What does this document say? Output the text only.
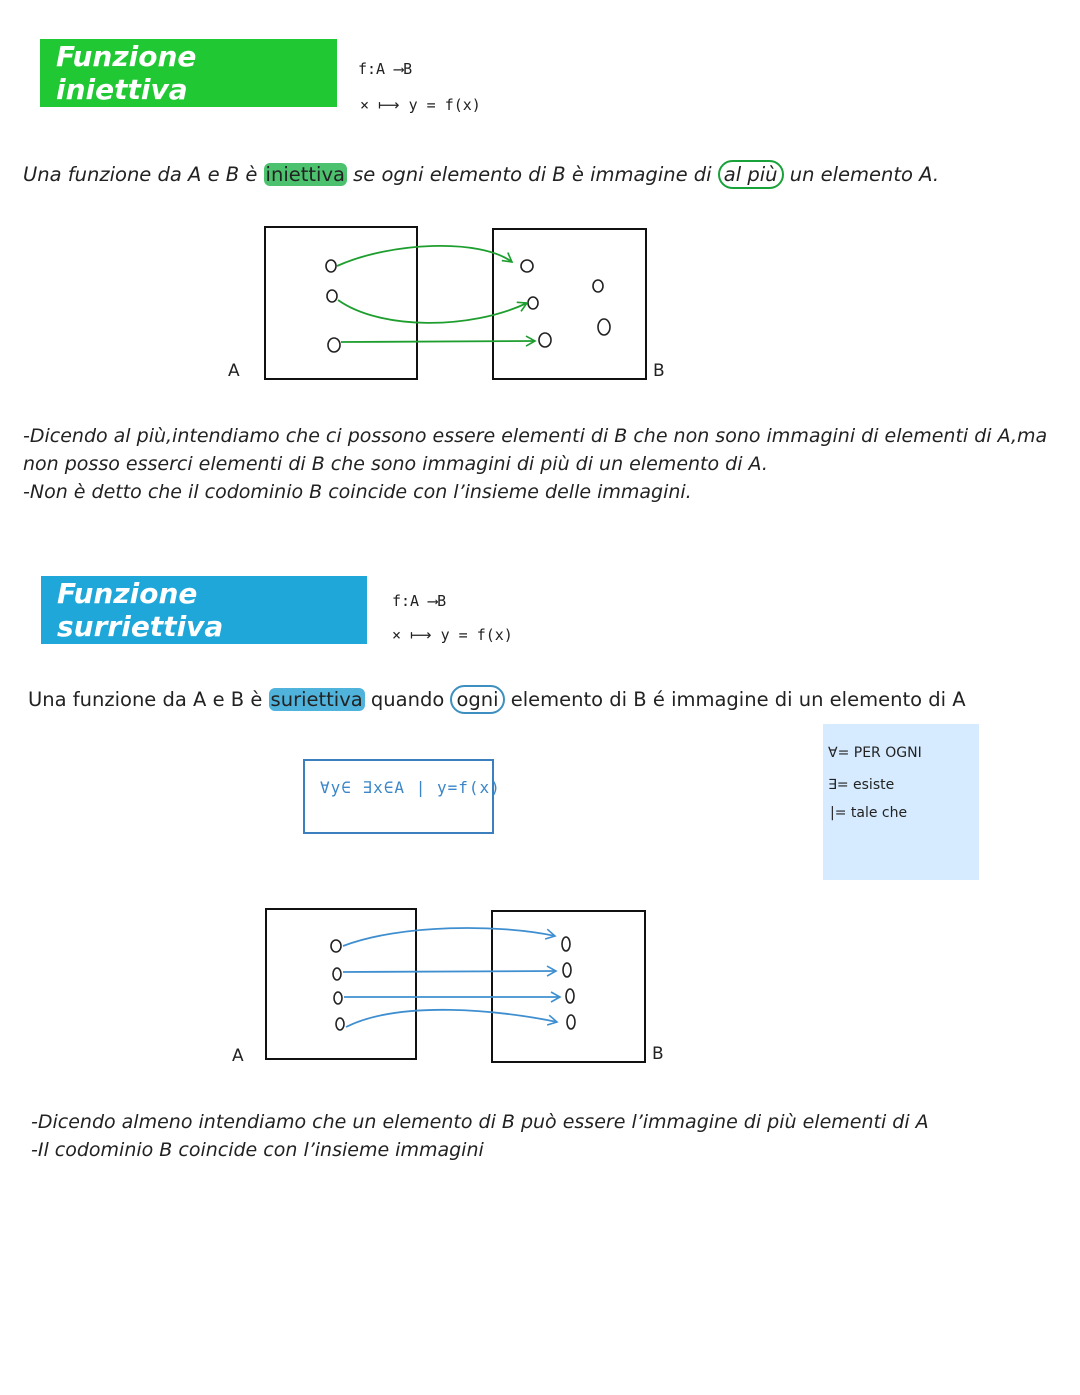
Funzione iniettiva
f:A ⟶B
× ⟼ y = f(x)
Una funzione da A e B è iniettiva se ogni elemento di B è immagine di al più un elemento A.
A	B
-Dicendo al più,intendiamo che ci possono essere elementi di B che non sono immagini di elementi di A,ma
non posso esserci elementi di B che sono immagini di più di un elemento di A.
-Non è detto che il codominio B coincide con l’insieme delle immagini.
Funzione surriettiva
f:A ⟶B
× ⟼ y = f(x)
Una funzione da A e B è suriettiva quando ogni elemento di B é immagine di un elemento di A
∀y∈ ∃x∈A | y=f(x)
∀= PER OGNI
∃= esiste
|= tale che
A	B
-Dicendo almeno intendiamo che un elemento di B può essere l’immagine di più elementi di A
-Il codominio B coincide con l’insieme immagini
